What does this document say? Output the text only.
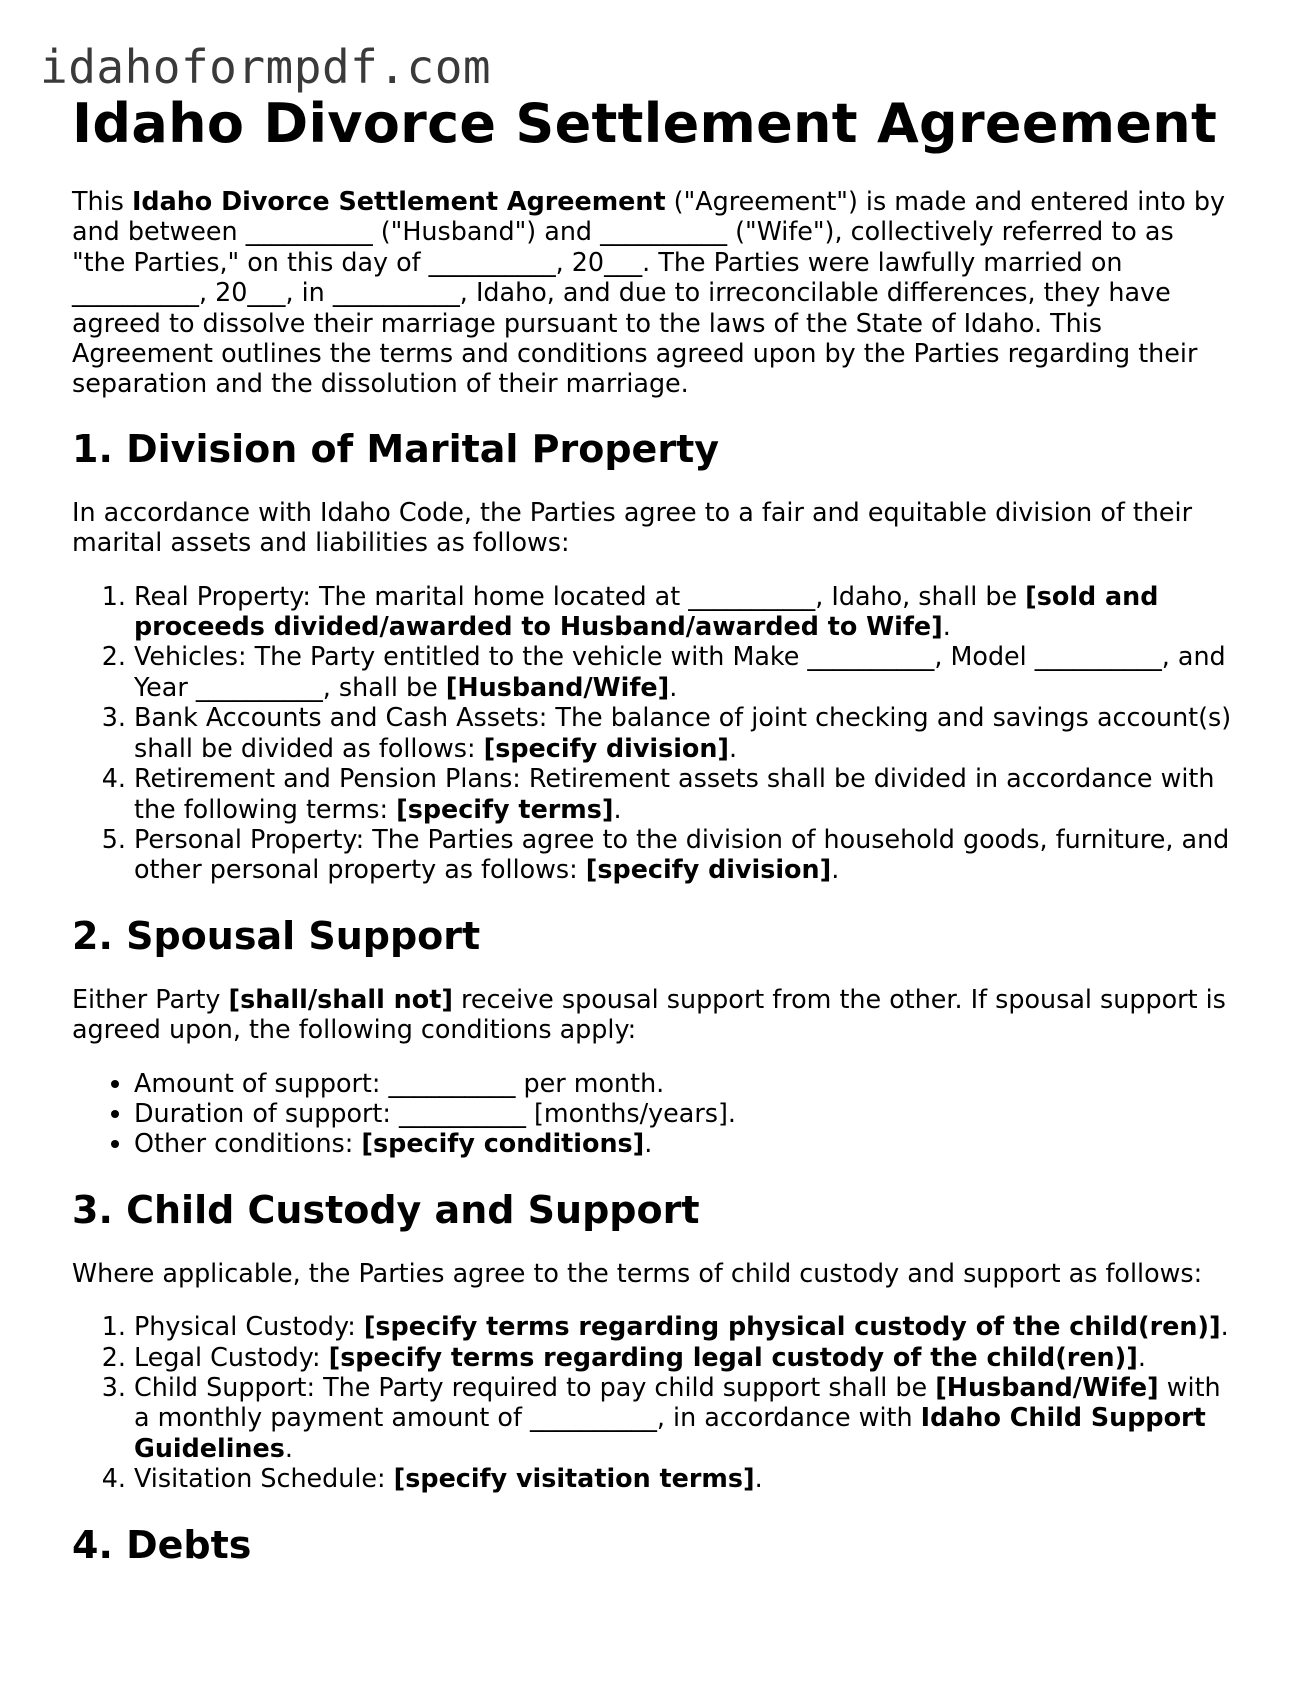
idahoformpdf.com
Idaho Divorce Settlement Agreement

This Idaho Divorce Settlement Agreement ("Agreement") is made and entered into by and between __________ ("Husband") and __________ ("Wife"), collectively referred to as "the Parties," on this day of __________, 20___. The Parties were lawfully married on __________, 20___, in __________, Idaho, and due to irreconcilable differences, they have agreed to dissolve their marriage pursuant to the laws of the State of Idaho. This Agreement outlines the terms and conditions agreed upon by the Parties regarding their separation and the dissolution of their marriage.

1. Division of Marital Property

In accordance with Idaho Code, the Parties agree to a fair and equitable division of their marital assets and liabilities as follows:

1. Real Property: The marital home located at __________, Idaho, shall be [sold and proceeds divided/awarded to Husband/awarded to Wife].
2. Vehicles: The Party entitled to the vehicle with Make __________, Model __________, and Year __________, shall be [Husband/Wife].
3. Bank Accounts and Cash Assets: The balance of joint checking and savings account(s) shall be divided as follows: [specify division].
4. Retirement and Pension Plans: Retirement assets shall be divided in accordance with the following terms: [specify terms].
5. Personal Property: The Parties agree to the division of household goods, furniture, and other personal property as follows: [specify division].
2. Spousal Support

Either Party [shall/shall not] receive spousal support from the other. If spousal support is agreed upon, the following conditions apply:

• Amount of support: __________ per month.
• Duration of support: __________ [months/years].
• Other conditions: [specify conditions].
3. Child Custody and Support

Where applicable, the Parties agree to the terms of child custody and support as follows:

1. Physical Custody: [specify terms regarding physical custody of the child(ren)].
2. Legal Custody: [specify terms regarding legal custody of the child(ren)].
3. Child Support: The Party required to pay child support shall be [Husband/Wife] with a monthly payment amount of __________, in accordance with Idaho Child Support Guidelines.
4. Visitation Schedule: [specify visitation terms].
4. Debts
